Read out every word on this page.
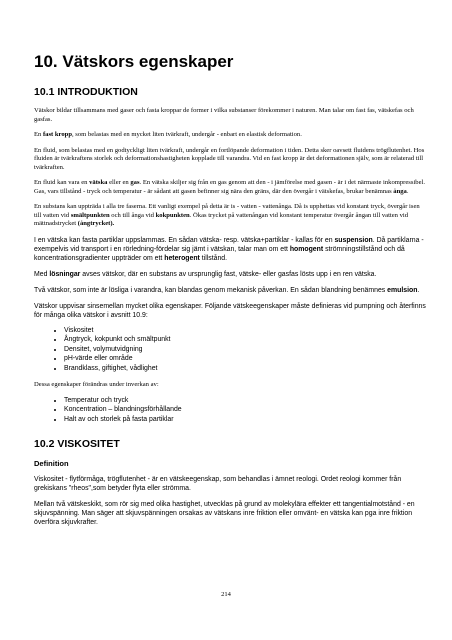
10. Vätskors egenskaper
10.1 INTRODUKTION

Vätskor bildar tillsammans med gaser och fasta kroppar de former i vilka substanser förekommer i naturen. Man talar om fast fas, vätskefas och gasfas.

En fast kropp, som belastas med en mycket liten tvärkraft, undergår - enbart en elastisk deformation.

En fluid, som belastas med en godtyckligt liten tvärkraft, undergår en fortlöpande deformation i tiden. Detta sker oavsett fluidens trögflutenhet. Hos fluiden är tvärkraftens storlek och deformationshastigheten kopplade till varandra. Vid en fast kropp är det deformationen själv, som är relaterad till tvärkraften.

En fluid kan vara en vätska eller en gas. En vätska skiljer sig från en gas genom att den - i jämförelse med gasen - är i det närmaste inkompressibel. Gas, vars tillstånd - tryck och temperatur - är sådant att gasen befinner sig nära den gräns, där den övergår i vätskefas, brukar benämnas ånga.

En substans kan uppträda i alla tre faserna. Ett vanligt exempel på detta är is - vatten - vattenånga. Då is upphettas vid konstant tryck, övergår isen till vatten vid smältpunkten och till ånga vid kokpunkten. Ökas trycket på vattenångan vid konstant temperatur övergår ångan till vatten vid mättnadstrycket (ångtrycket).

I en vätska kan fasta partiklar uppslammas. En sådan vätska- resp. vätska+partiklar - kallas för en suspension. Då partiklarna - exempelvis vid transport i en rörledning-fördelar sig jämt i vätskan, talar man om ett homogent strömningstillstånd och då koncentrationsgradienter uppträder om ett heterogent tillstånd.

Med lösningar avses vätskor, där en substans av ursprunglig fast, vätske- eller gasfas lösts upp i en ren vätska.

Två vätskor, som inte är lösliga i varandra, kan blandas genom mekanisk påverkan. En sådan blandning benämnes emulsion.

Vätskor uppvisar sinsemellan mycket olika egenskaper. Följande vätskeegenskaper måste definieras vid pumpning och återfinns för många olika vätskor i avsnitt 10.9:

• Viskositet
• Ångtryck, kokpunkt och smältpunkt
• Densitet, volymutvidgning
• pH-värde eller område
• Brandklass, giftighet, vådlighet

Dessa egenskaper förändras under inverkan av:

• Temperatur och tryck
• Koncentration – blandningsförhållande
• Halt av och storlek på fasta partiklar
10.2 VISKOSITET
Definition

Viskositet - flytförmåga, trögflutenhet - är en vätskeegenskap, som behandlas i ämnet reologi. Ordet reologi kommer från grekiskans "rheos",som betyder flyta eller strömma.

Mellan två vätskeskikt, som rör sig med olika hastighet, utvecklas på grund av molekylära effekter ett tangentialmotstånd - en skjuvspänning. Man säger att skjuvspänningen orsakas av vätskans inre friktion eller omvänt- en vätska kan pga inre friktion överföra skjuvkrafter.

214
